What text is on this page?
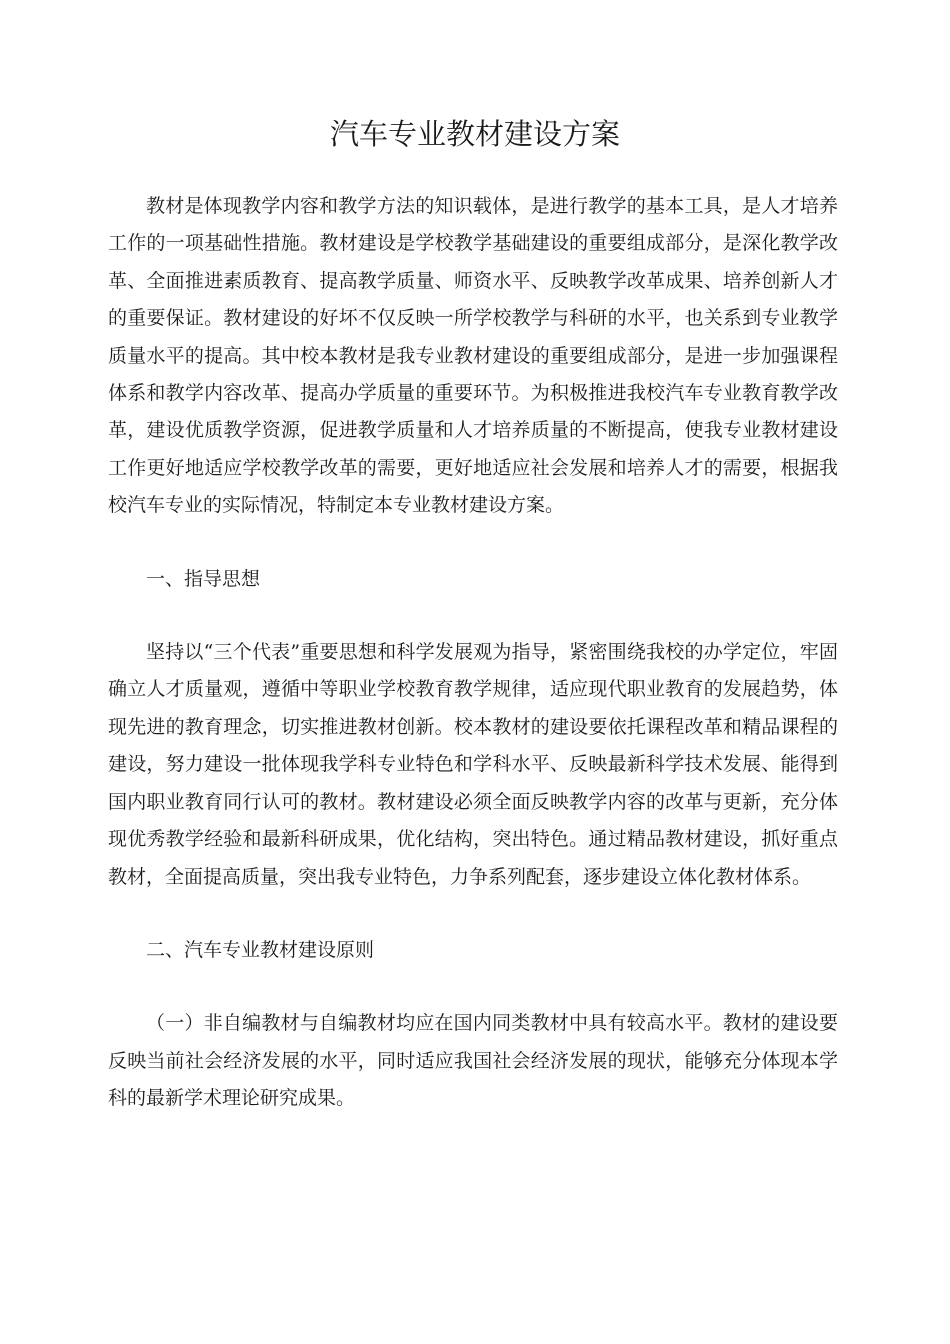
汽车专业教材建设方案

教材是体现教学内容和教学方法的知识载体，是进行教学的基本工具，是人才培养工作的一项基础性措施。教材建设是学校教学基础建设的重要组成部分，是深化教学改革、全面推进素质教育、提高教学质量、师资水平、反映教学改革成果、培养创新人才的重要保证。教材建设的好坏不仅反映一所学校教学与科研的水平，也关系到专业教学质量水平的提高。其中校本教材是我专业教材建设的重要组成部分，是进一步加强课程体系和教学内容改革、提高办学质量的重要环节。为积极推进我校汽车专业教育教学改革，建设优质教学资源，促进教学质量和人才培养质量的不断提高，使我专业教材建设工作更好地适应学校教学改革的需要，更好地适应社会发展和培养人才的需要，根据我校汽车专业的实际情况，特制定本专业教材建设方案。

一、指导思想

坚持以“三个代表”重要思想和科学发展观为指导，紧密围绕我校的办学定位，牢固确立人才质量观，遵循中等职业学校教育教学规律，适应现代职业教育的发展趋势，体现先进的教育理念，切实推进教材创新。校本教材的建设要依托课程改革和精品课程的建设，努力建设一批体现我学科专业特色和学科水平、反映最新科学技术发展、能得到国内职业教育同行认可的教材。教材建设必须全面反映教学内容的改革与更新，充分体现优秀教学经验和最新科研成果，优化结构，突出特色。通过精品教材建设，抓好重点教材，全面提高质量，突出我专业特色，力争系列配套，逐步建设立体化教材体系。

二、汽车专业教材建设原则

（一）非自编教材与自编教材均应在国内同类教材中具有较高水平。教材的建设要反映当前社会经济发展的水平，同时适应我国社会经济发展的现状，能够充分体现本学科的最新学术理论研究成果。
